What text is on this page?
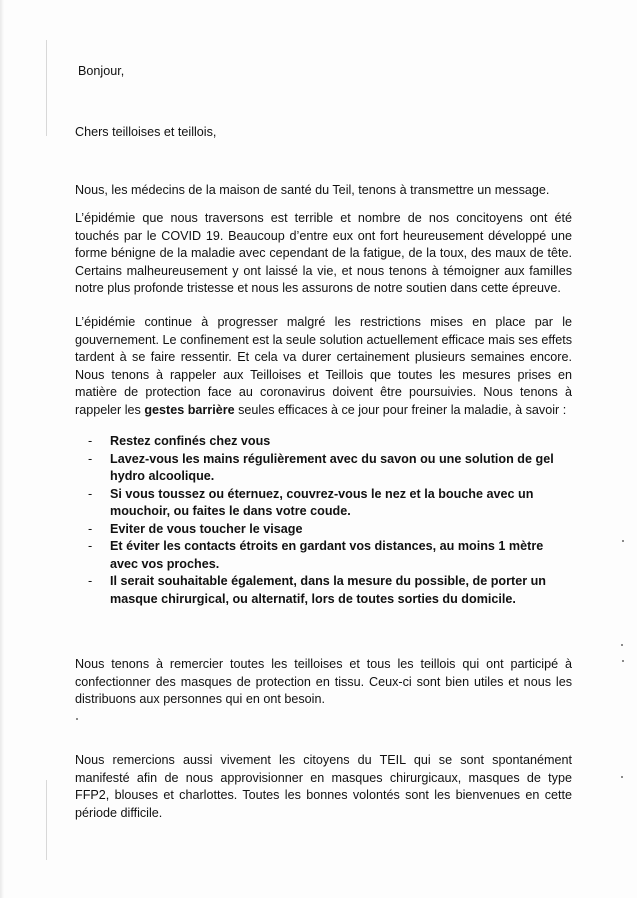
Bonjour,

Chers teilloises et teillois,

Nous, les médecins de la maison de santé du Teil, tenons à transmettre un message.

L’épidémie que nous traversons est terrible et nombre de nos concitoyens ont été touchés par le COVID 19. Beaucoup d’entre eux ont fort heureusement développé une forme bénigne de la maladie avec cependant de la fatigue, de la toux, des maux de tête. Certains malheureusement y ont laissé la vie, et nous tenons à témoigner aux familles notre plus profonde tristesse et nous les assurons de notre soutien dans cette épreuve.

L’épidémie continue à progresser malgré les restrictions mises en place par le gouvernement. Le confinement est la seule solution actuellement efficace mais ses effets tardent à se faire ressentir. Et cela va durer certainement plusieurs semaines encore. Nous tenons à rappeler aux Teilloises et Teillois que toutes les mesures prises en matière de protection face au coronavirus doivent être poursuivies. Nous tenons à rappeler les gestes barrière seules efficaces à ce jour pour freiner la maladie, à savoir :

- Restez confinés chez vous
- Lavez-vous les mains régulièrement avec du savon ou une solution de gel hydro alcoolique.
- Si vous toussez ou éternuez, couvrez-vous le nez et la bouche avec un mouchoir, ou faites le dans votre coude.
- Eviter de vous toucher le visage
- Et éviter les contacts étroits en gardant vos distances, au moins 1 mètre avec vos proches.
- Il serait souhaitable également, dans la mesure du possible, de porter un masque chirurgical, ou alternatif, lors de toutes sorties du domicile.

Nous tenons à remercier toutes les teilloises et tous les teillois qui ont participé à confectionner des masques de protection en tissu. Ceux-ci sont bien utiles et nous les distribuons aux personnes qui en ont besoin.

Nous remercions aussi vivement les citoyens du TEIL qui se sont spontanément manifesté afin de nous approvisionner en masques chirurgicaux, masques de type FFP2, blouses et charlottes. Toutes les bonnes volontés sont les bienvenues en cette période difficile.
